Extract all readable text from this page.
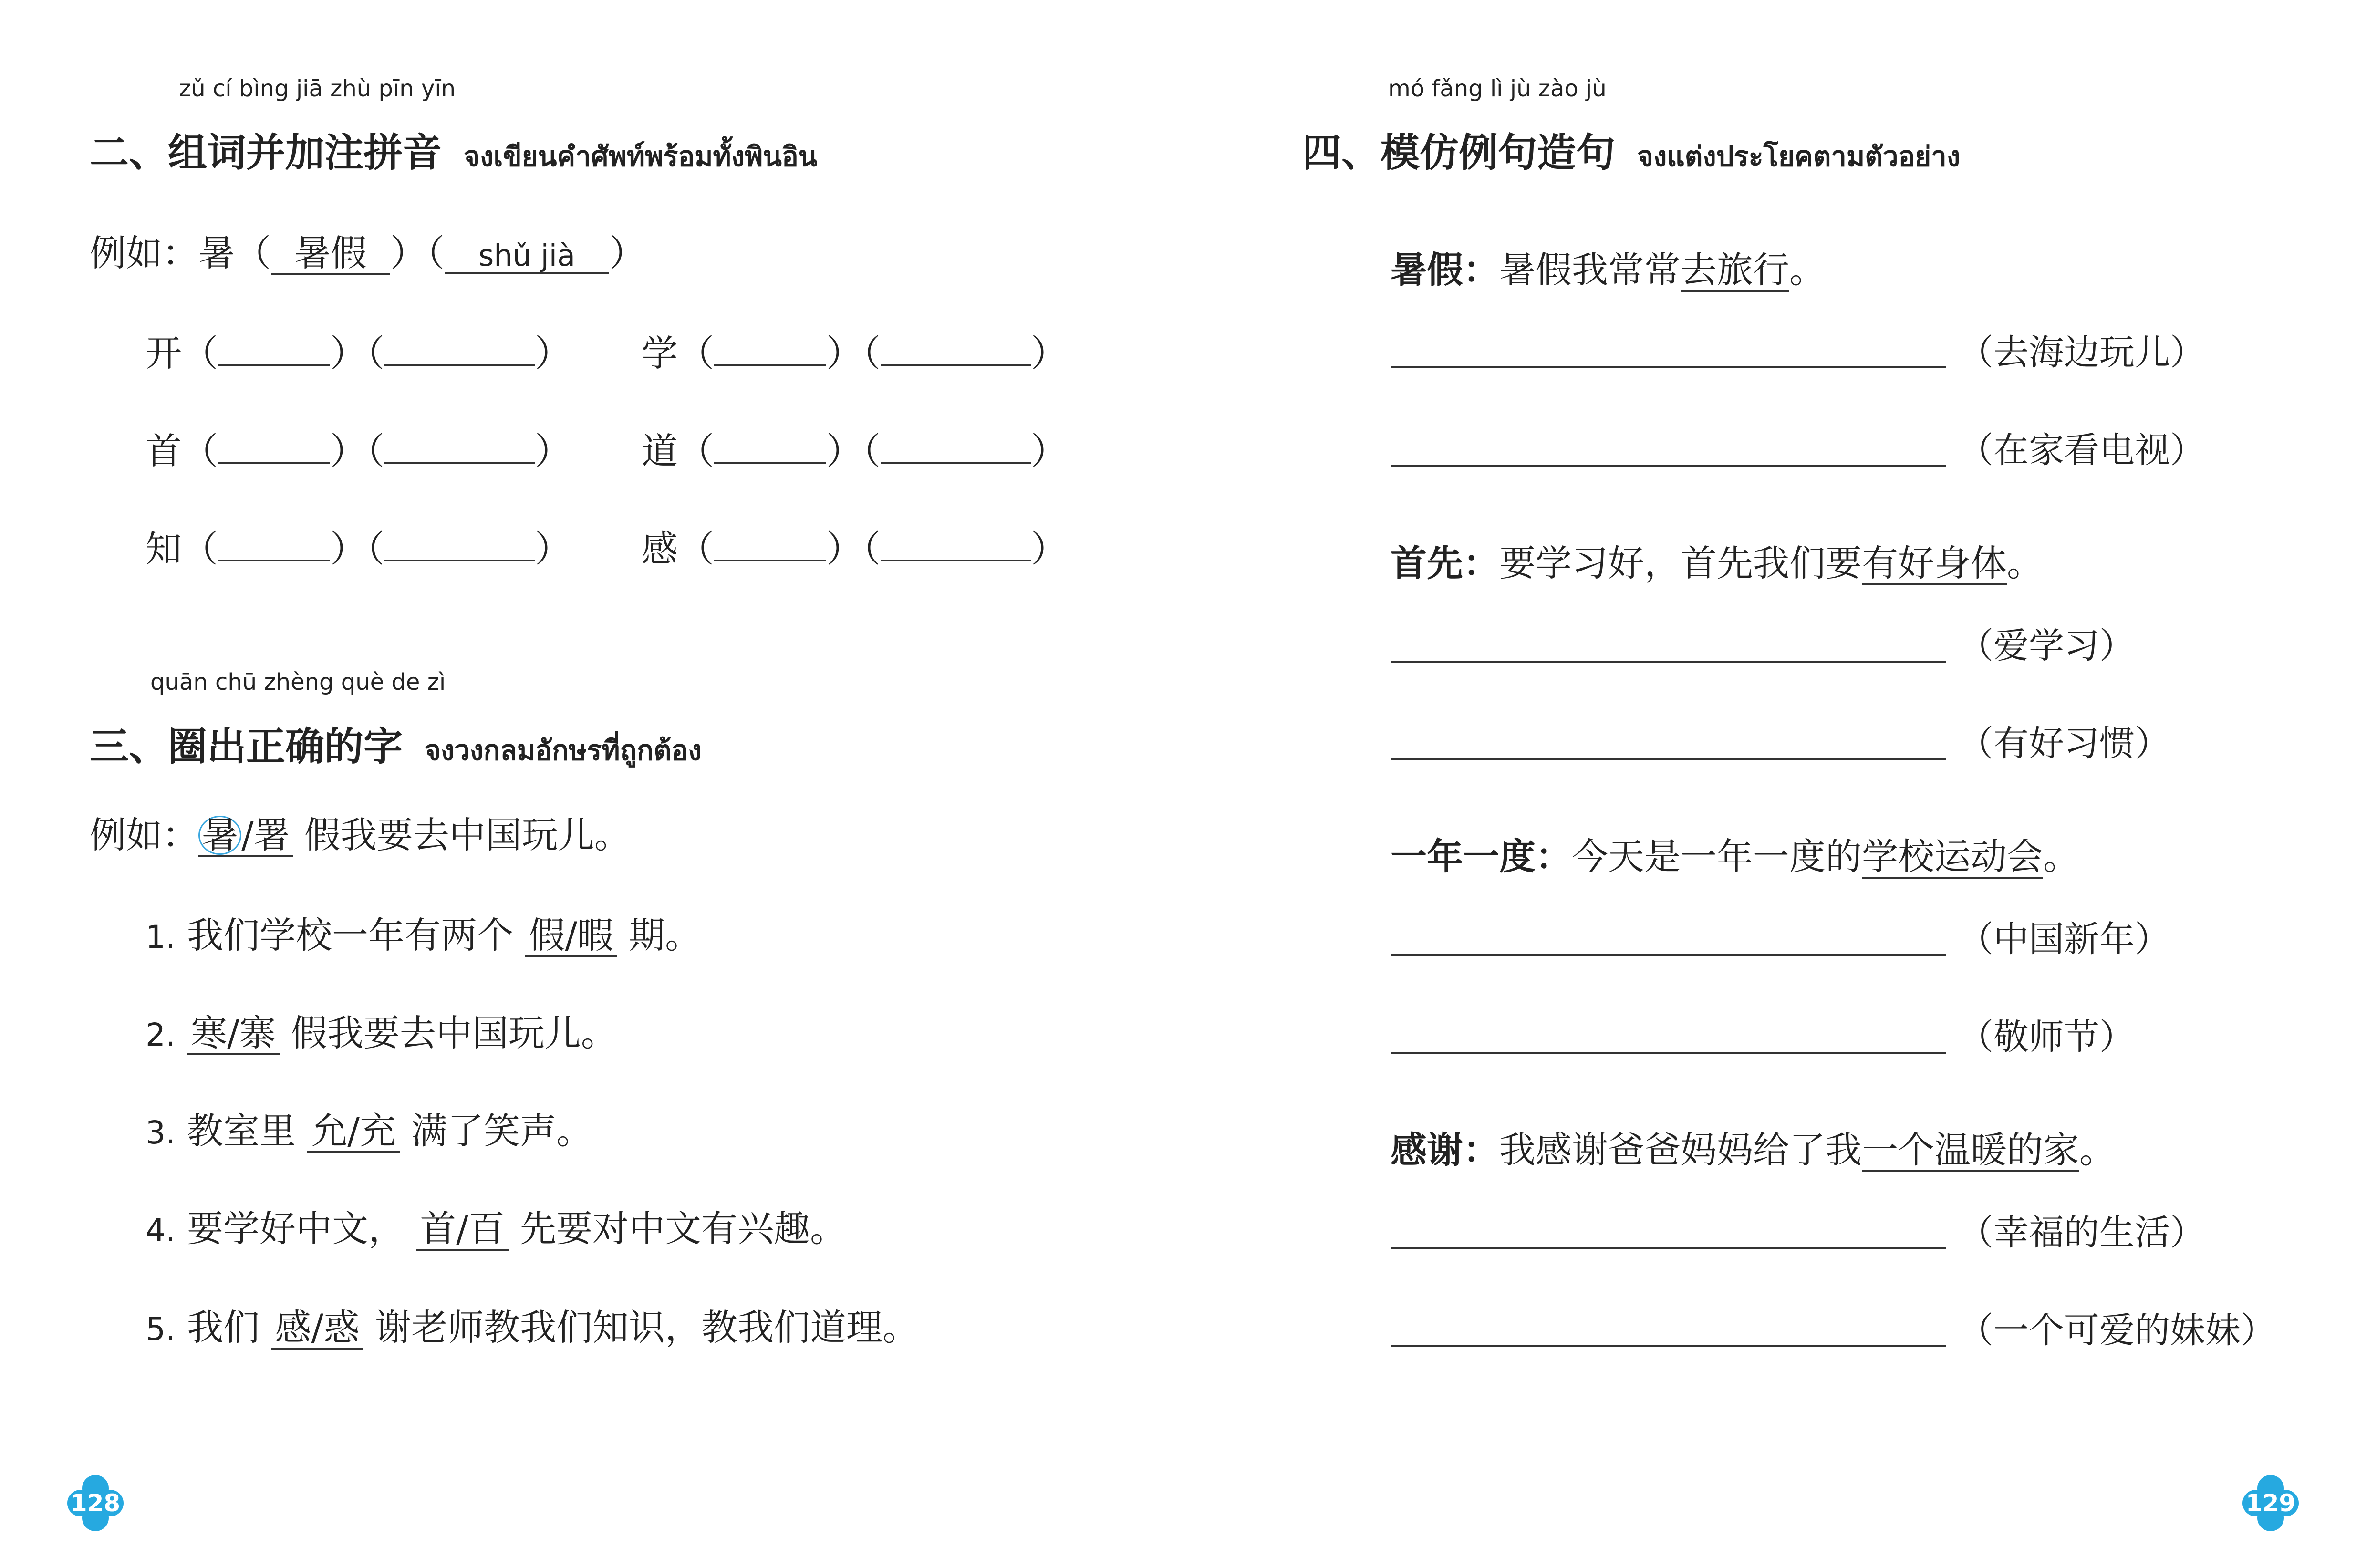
zǔ cí bìng jiā zhù pīn yīn
二、组词并加注拼音 จงเขียนคำศัพท์พร้อมทั้งพินอิน
例如：暑（ 暑假 ）（ shǔ jià ）
开（	）（	） 学（	）（	）
首（	）（	） 道（	）（	）
知（	）（	） 感（	）（	）
quān chū zhèng què de zì
三、圈出正确的字 จงวงกลมอักษรที่ถูกต้อง
例如：暑/署 假我要去中国玩儿。
1. 我们学校一年有两个 假/暇 期。
2. 寒/寨 假我要去中国玩儿。
3. 教室里 允/充 满了笑声。
4. 要学好中文， 首/百 先要对中文有兴趣。
5. 我们 感/惑 谢老师教我们知识，教我们道理。
128
mó fǎng lì jù zào jù
四、模仿例句造句 จงแต่งประโยคตามตัวอย่าง
暑假：暑假我常常去旅行。
（去海边玩儿）
（在家看电视）
首先：要学习好，首先我们要有好身体。
（爱学习）
（有好习惯）
一年一度：今天是一年一度的学校运动会。
（中国新年）
（敬师节）
感谢：我感谢爸爸妈妈给了我一个温暖的家。
（幸福的生活）
（一个可爱的妹妹）
129
